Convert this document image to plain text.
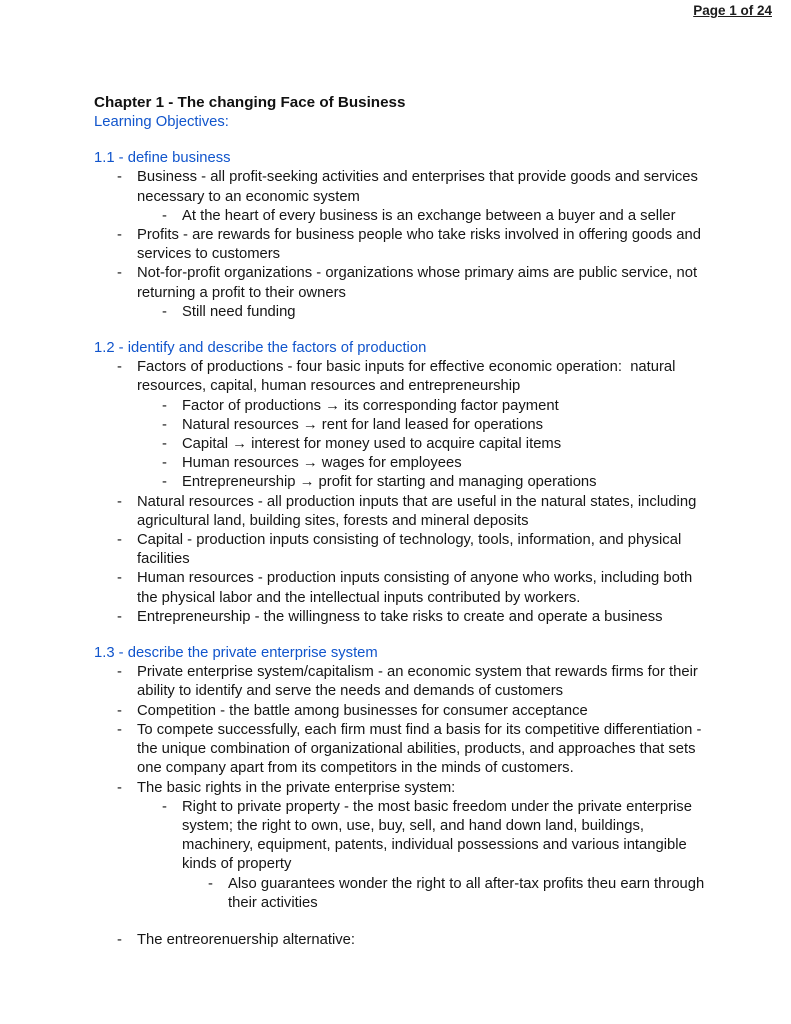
Page 1 of 24
Chapter 1 - The changing Face of Business
Learning Objectives:
1.1 - define business
-	Business - all profit-seeking activities and enterprises that provide goods and services necessary to an economic system
-	At the heart of every business is an exchange between a buyer and a seller
-	Profits - are rewards for business people who take risks involved in offering goods and services to customers
-	Not-for-profit organizations - organizations whose primary aims are public service, not returning a profit to their owners
-	Still need funding
1.2 - identify and describe the factors of production
-	Factors of productions - four basic inputs for effective economic operation:  natural resources, capital, human resources and entrepreneurship
-	Factor of productions → its corresponding factor payment
-	Natural resources → rent for land leased for operations
-	Capital → interest for money used to acquire capital items
-	Human resources → wages for employees
-	Entrepreneurship → profit for starting and managing operations
-	Natural resources - all production inputs that are useful in the natural states, including agricultural land, building sites, forests and mineral deposits
-	Capital - production inputs consisting of technology, tools, information, and physical facilities
-	Human resources - production inputs consisting of anyone who works, including both the physical labor and the intellectual inputs contributed by workers.
-	Entrepreneurship - the willingness to take risks to create and operate a business
1.3 - describe the private enterprise system
-	Private enterprise system/capitalism - an economic system that rewards firms for their ability to identify and serve the needs and demands of customers
-	Competition - the battle among businesses for consumer acceptance
-	To compete successfully, each firm must find a basis for its competitive differentiation - the unique combination of organizational abilities, products, and approaches that sets one company apart from its competitors in the minds of customers.
-	The basic rights in the private enterprise system:
-	Right to private property - the most basic freedom under the private enterprise system; the right to own, use, buy, sell, and hand down land, buildings, machinery, equipment, patents, individual possessions and various intangible kinds of property
-	Also guarantees wonder the right to all after-tax profits theu earn through their activities
-	The entreorenuership alternative:
